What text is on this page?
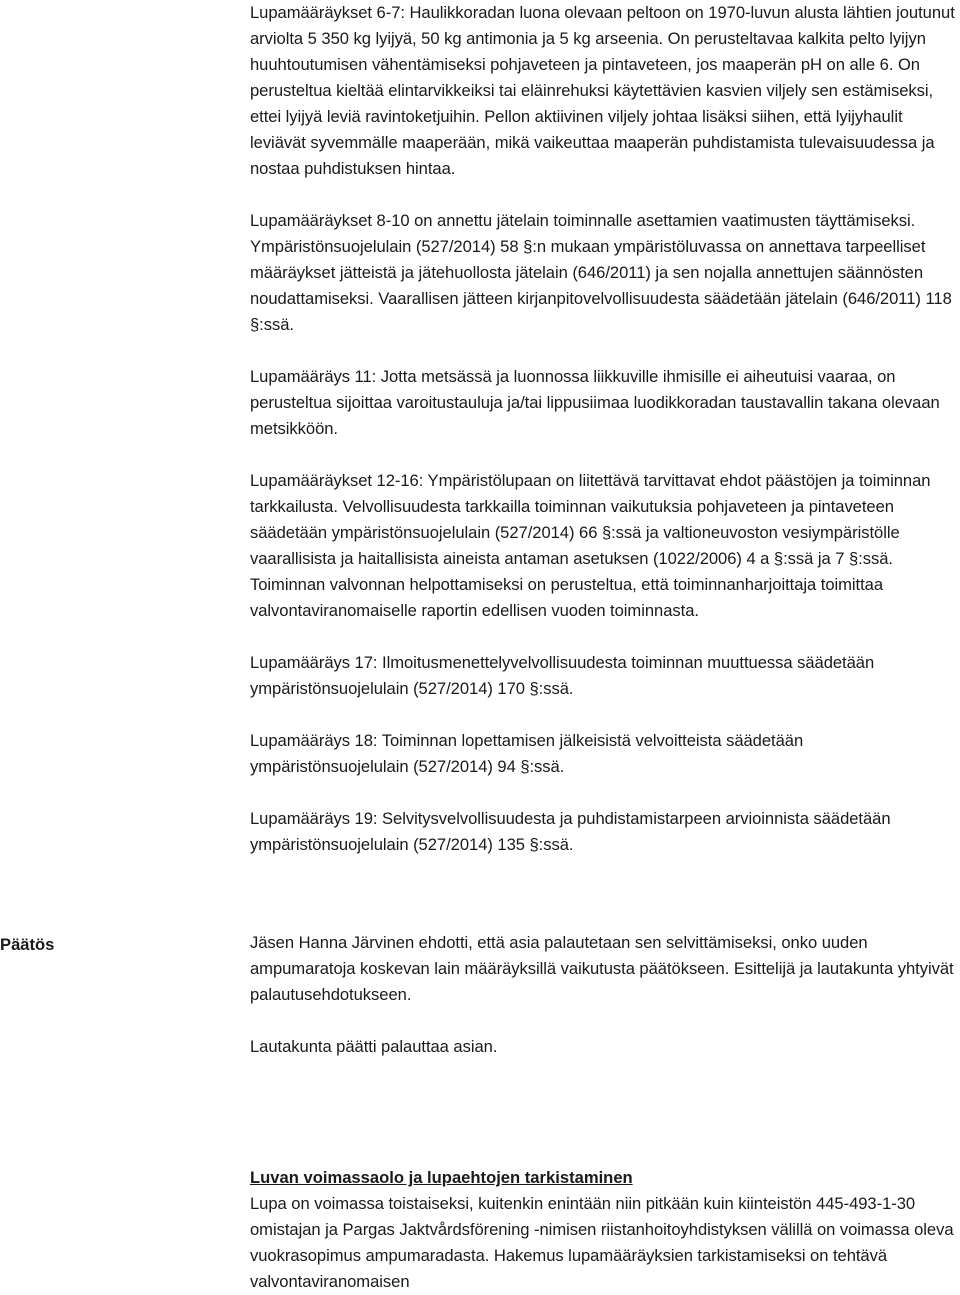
Lupamääräykset 6-7: Haulikkoradan luona olevaan peltoon on 1970-luvun alusta lähtien joutunut arviolta 5 350 kg lyijyä, 50 kg antimonia ja 5 kg arseenia. On perusteltavaa kalkita pelto lyijyn huuhtoutumisen vähentämiseksi pohjaveteen ja pintaveteen, jos maaperän pH on alle 6. On perusteltua kieltää elintarvikkeiksi tai eläinrehuksi käytettävien kasvien viljely sen estämiseksi, ettei lyijyä leviä ravintoketjuihin. Pellon aktiivinen viljely johtaa lisäksi siihen, että lyijyhaulit leviävät syvemmälle maaperään, mikä vaikeuttaa maaperän puhdistamista tulevaisuudessa ja nostaa puhdistuksen hintaa.

Lupamääräykset 8-10 on annettu jätelain toiminnalle asettamien vaatimusten täyttämiseksi. Ympäristönsuojelulain (527/2014) 58 §:n mukaan ympäristöluvassa on annettava tarpeelliset määräykset jätteistä ja jätehuollosta jätelain (646/2011) ja sen nojalla annettujen säännösten noudattamiseksi. Vaarallisen jätteen kirjanpitovelvollisuudesta säädetään jätelain (646/2011) 118 §:ssä.

Lupamääräys 11: Jotta metsässä ja luonnossa liikkuville ihmisille ei aiheutuisi vaaraa, on perusteltua sijoittaa varoitustauluja ja/tai lippusiimaa luodikkoradan taustavallin takana olevaan metsikköön.

Lupamääräykset 12-16: Ympäristölupaan on liitettävä tarvittavat ehdot päästöjen ja toiminnan tarkkailusta. Velvollisuudesta tarkkailla toiminnan vaikutuksia pohjaveteen ja pintaveteen säädetään ympäristönsuojelulain (527/2014) 66 §:ssä ja valtioneuvoston vesiympäristölle vaarallisista ja haitallisista aineista antaman asetuksen (1022/2006) 4 a §:ssä ja 7 §:ssä. Toiminnan valvonnan helpottamiseksi on perusteltua, että toiminnanharjoittaja toimittaa valvontaviranomaiselle raportin edellisen vuoden toiminnasta.

Lupamääräys 17: Ilmoitusmenettelyvelvollisuudesta toiminnan muuttuessa säädetään ympäristönsuojelulain (527/2014) 170 §:ssä.

Lupamääräys 18: Toiminnan lopettamisen jälkeisistä velvoitteista säädetään ympäristönsuojelulain (527/2014) 94 §:ssä.

Lupamääräys 19: Selvitysvelvollisuudesta ja puhdistamistarpeen arvioinnista säädetään ympäristönsuojelulain (527/2014) 135 §:ssä.

Päätös	Jäsen Hanna Järvinen ehdotti, että asia palautetaan sen selvittämiseksi, onko uuden ampumaratoja koskevan lain määräyksillä vaikutusta päätökseen. Esittelijä ja lautakunta yhtyivät palautusehdotukseen.

Lautakunta päätti palauttaa asian.

Luvan voimassaolo ja lupaehtojen tarkistaminen

Lupa on voimassa toistaiseksi, kuitenkin enintään niin pitkään kuin kiinteistön 445-493-1-30 omistajan ja Pargas Jaktvårdsförening -nimisen riistanhoitoyhdistyksen välillä on voimassa oleva vuokrasopimus ampumaradasta. Hakemus lupamääräyksien tarkistamiseksi on tehtävä valvontaviranomaisen
